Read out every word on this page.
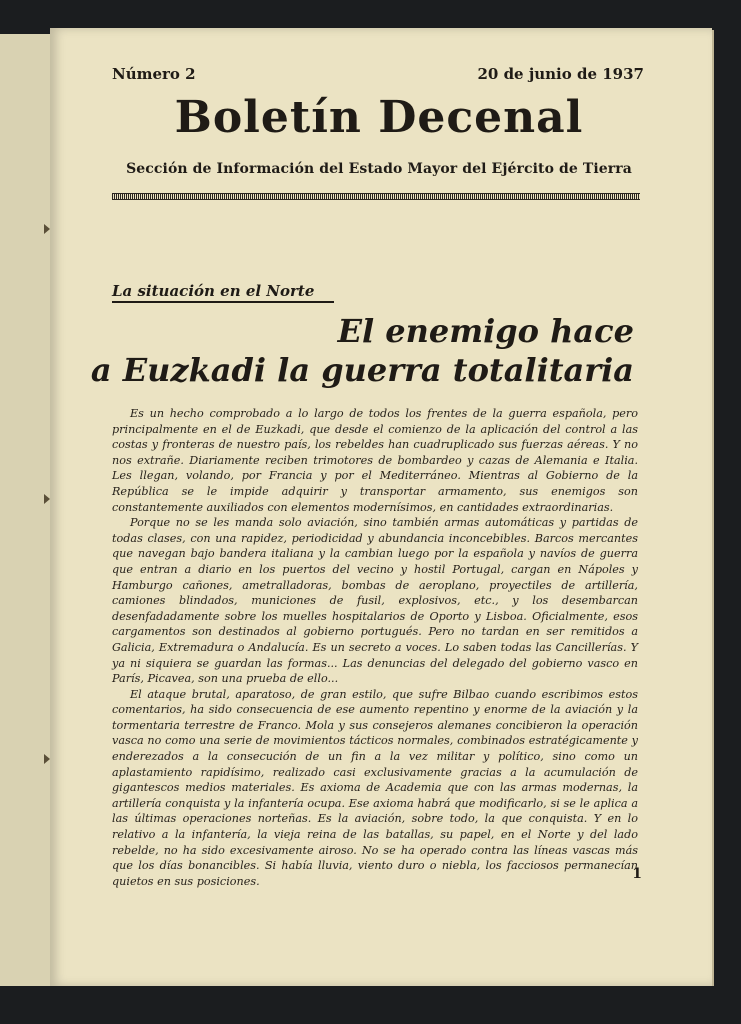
Número 2	20 de junio de 1937
Boletín Decenal
Sección de Información del Estado Mayor del Ejército de Tierra
La situación en el Norte
El enemigo hace
a Euzkadi la guerra totalitaria

Es un hecho comprobado a lo largo de todos los frentes de la guerra española, pero principalmente en el de Euzkadi, que desde el comienzo de la aplicación del control a las costas y fronteras de nuestro país, los rebeldes han cuadruplicado sus fuerzas aéreas. Y no nos extrañe. Diariamente reciben trimotores de bombardeo y cazas de Alemania e Italia. Les llegan, volando, por Francia y por el Mediterráneo. Mientras al Gobierno de la República se le impide adquirir y transportar armamento, sus enemigos son constantemente auxiliados con elementos modernísimos, en cantidades extraordinarias.

Porque no se les manda solo aviación, sino también armas automáticas y partidas de todas clases, con una rapidez, periodicidad y abundancia inconcebibles. Barcos mercantes que navegan bajo bandera italiana y la cambian luego por la española y navíos de guerra que entran a diario en los puertos del vecino y hostil Portugal, cargan en Nápoles y Hamburgo cañones, ametralladoras, bombas de aeroplano, proyectiles de artillería, camiones blindados, municiones de fusil, explosivos, etc., y los desembarcan desenfadadamente sobre los muelles hospitalarios de Oporto y Lisboa. Oficialmente, esos cargamentos son destinados al gobierno portugués. Pero no tardan en ser remitidos a Galicia, Extremadura o Andalucía. Es un secreto a voces. Lo saben todas las Cancillerías. Y ya ni siquiera se guardan las formas... Las denuncias del delegado del gobierno vasco en París, Picavea, son una prueba de ello...

El ataque brutal, aparatoso, de gran estilo, que sufre Bilbao cuando escribimos estos comentarios, ha sido consecuencia de ese aumento repentino y enorme de la aviación y la tormentaria terrestre de Franco. Mola y sus consejeros alemanes concibieron la operación vasca no como una serie de movimientos tácticos normales, combinados estratégicamente y enderezados a la consecución de un fin a la vez militar y político, sino como un aplastamiento rapidísimo, realizado casi exclusivamente gracias a la acumulación de gigantescos medios materiales. Es axioma de Academia que con las armas modernas, la artillería conquista y la infantería ocupa. Ese axioma habrá que modificarlo, si se le aplica a las últimas operaciones norteñas. Es la aviación, sobre todo, la que conquista. Y en lo relativo a la infantería, la vieja reina de las batallas, su papel, en el Norte y del lado rebelde, no ha sido excesivamente airoso. No se ha operado contra las líneas vascas más que los días bonancibles. Si había lluvia, viento duro o niebla, los facciosos permanecían quietos en sus posiciones.	1
